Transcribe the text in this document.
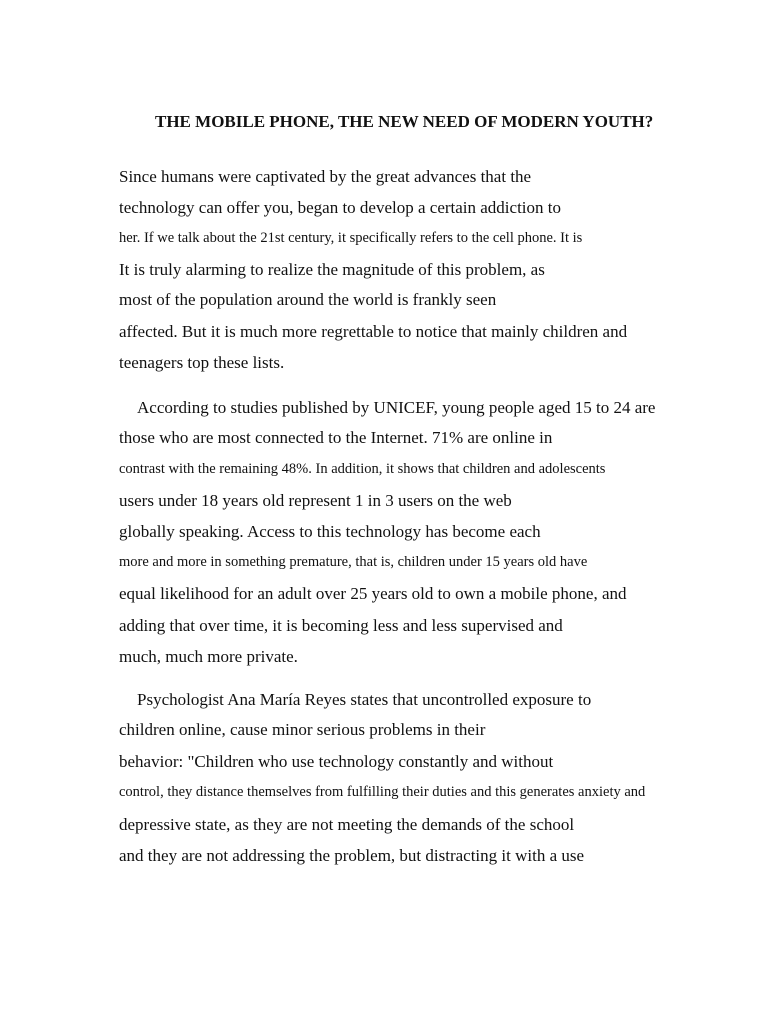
THE MOBILE PHONE, THE NEW NEED OF MODERN YOUTH?
Since humans were captivated by the great advances that the
technology can offer you, began to develop a certain addiction to
her. If we talk about the 21st century, it specifically refers to the cell phone. It is
It is truly alarming to realize the magnitude of this problem, as
most of the population around the world is frankly seen
affected. But it is much more regrettable to notice that mainly children and
teenagers top these lists.
According to studies published by UNICEF, young people aged 15 to 24 are
those who are most connected to the Internet. 71% are online in
contrast with the remaining 48%. In addition, it shows that children and adolescents
users under 18 years old represent 1 in 3 users on the web
globally speaking. Access to this technology has become each
more and more in something premature, that is, children under 15 years old have
equal likelihood for an adult over 25 years old to own a mobile phone, and
adding that over time, it is becoming less and less supervised and
much, much more private.
Psychologist Ana María Reyes states that uncontrolled exposure to
children online, cause minor serious problems in their
behavior: "Children who use technology constantly and without
control, they distance themselves from fulfilling their duties and this generates anxiety and
depressive state, as they are not meeting the demands of the school
and they are not addressing the problem, but distracting it with a use
